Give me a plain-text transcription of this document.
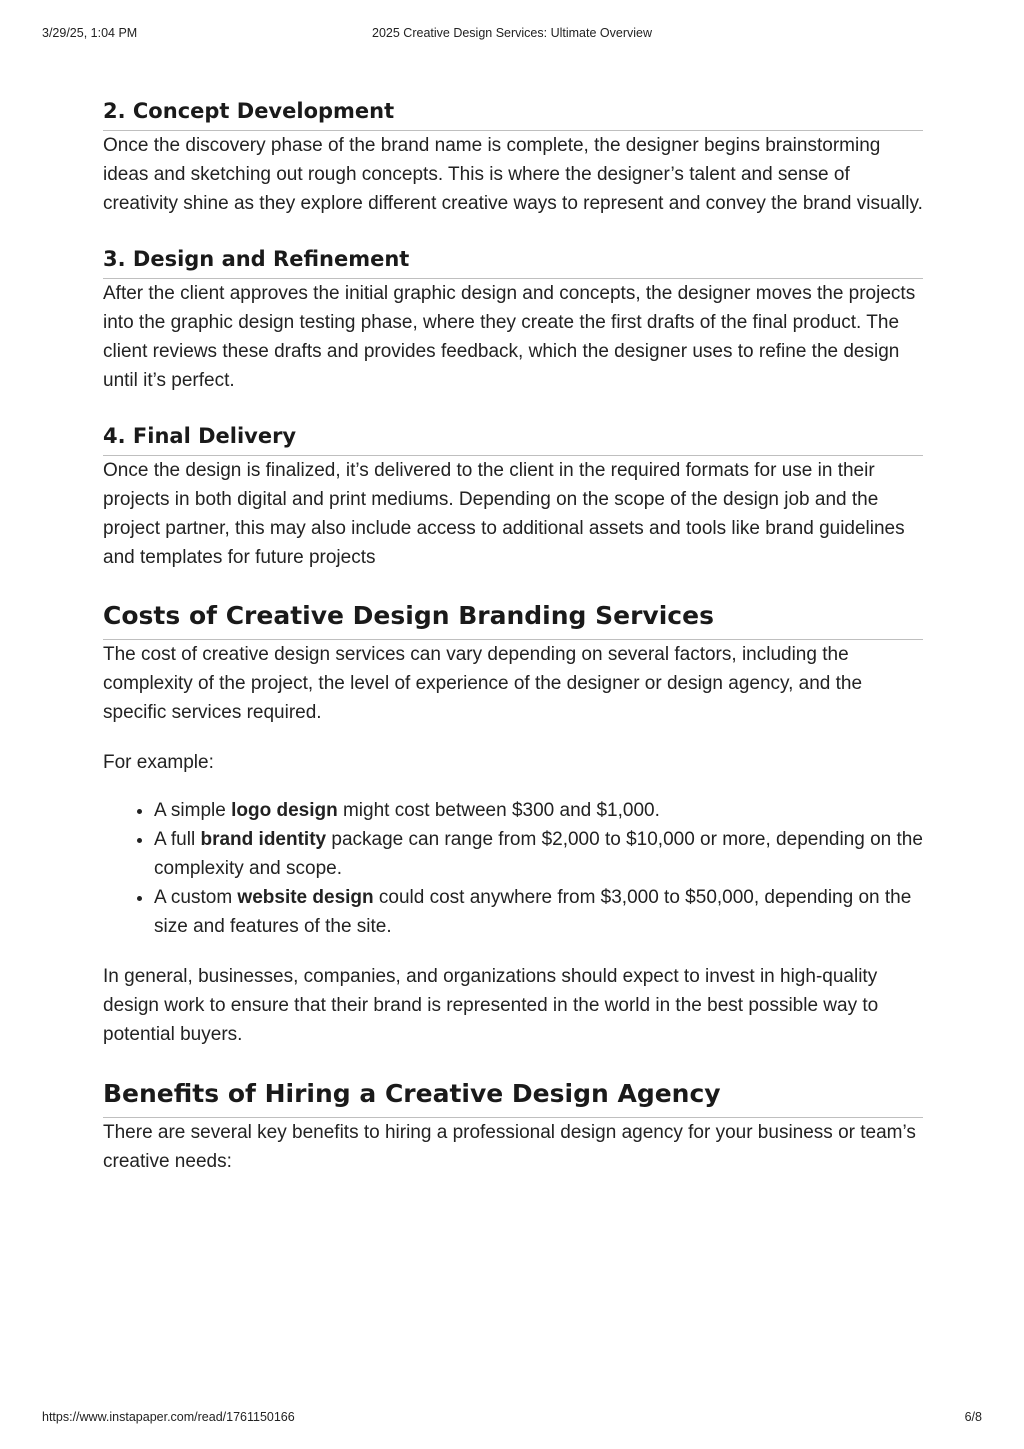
3/29/25, 1:04 PM	2025 Creative Design Services: Ultimate Overview
2. Concept Development

Once the discovery phase of the brand name is complete, the designer begins brainstorming ideas and sketching out rough concepts. This is where the designer’s talent and sense of creativity shine as they explore different creative ways to represent and convey the brand visually.

3. Design and Refinement

After the client approves the initial graphic design and concepts, the designer moves the projects into the graphic design testing phase, where they create the first drafts of the final product. The client reviews these drafts and provides feedback, which the designer uses to refine the design until it’s perfect.

4. Final Delivery

Once the design is finalized, it’s delivered to the client in the required formats for use in their projects in both digital and print mediums. Depending on the scope of the design job and the project partner, this may also include access to additional assets and tools like brand guidelines and templates for future projects

Costs of Creative Design Branding Services

The cost of creative design services can vary depending on several factors, including the complexity of the project, the level of experience of the designer or design agency, and the specific services required.

For example:

• A simple logo design might cost between $300 and $1,000.
• A full brand identity package can range from $2,000 to $10,000 or more, depending on the complexity and scope.
• A custom website design could cost anywhere from $3,000 to $50,000, depending on the size and features of the site.

In general, businesses, companies, and organizations should expect to invest in high-quality design work to ensure that their brand is represented in the world in the best possible way to potential buyers.

Benefits of Hiring a Creative Design Agency

There are several key benefits to hiring a professional design agency for your business or team’s creative needs:

https://www.instapaper.com/read/1761150166	6/8
